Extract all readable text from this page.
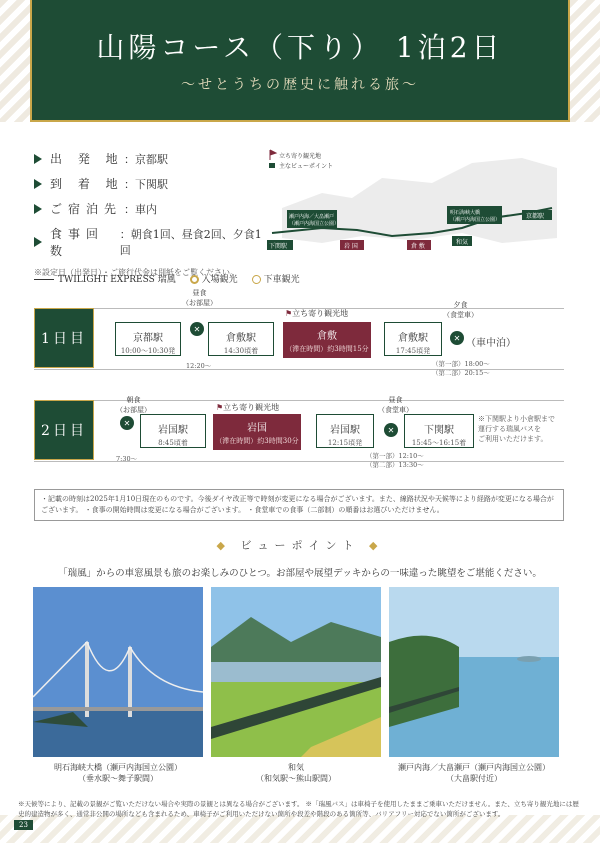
山陽コース（下り） 1泊2日
〜せとうちの歴史に触れる旅〜
出 発 地 ：京都駅
到 着 地 ：下関駅
ご宿泊先 ：車内
食事回数
：朝食1回、昼食2回、夕食1回
※設定日（出発日）・ご旅行代金は別紙をご覧ください。
立ち寄り観光地
主なビューポイント
下関駅
瀬戸内海／大畠瀬戸
（瀬戸内海国立公園）
岩 国	倉 敷
和気
明石海峡大橋
（瀬戸内海国立公園）	京都駅
TWILIGHT EXPRESS 瑞風	入場観光	下車観光
1日目
昼食
（お部屋）
✕
12:20〜
京都駅
10:00〜10:30発
倉敷駅
14:30頃着
⚑立ち寄り観光地
倉敷
（滞在時間）約3時間15分
倉敷駅
17:45頃発
夕食
（食堂車）
✕
（第一部）18:00〜
（第二部）20:15〜
（車中泊）
2日目
朝食
（お部屋）
✕
7:30〜
岩国駅
8:45頃着
⚑立ち寄り観光地
岩国
（滞在時間）約3時間30分
岩国駅
12:15頃発
昼食
（食堂車）
✕
（第一部）12:10〜
（第二部）13:30〜
下関駅
15:45〜16:15着
※下関駅より小倉駅まで
運行する瑞風バスを
ご利用いただけます。
・記載の時刻は2025年1月10日現在のものです。今後ダイヤ改正等で時刻が変更になる場合がございます。また、線路状況や天候等により経路が変更になる場合がございます。 ・食事の開始時間は変更になる場合がございます。 ・食堂車での食事（二部制）の順番はお選びいただけません。
◆ ビューポイント ◆
「瑞風」からの車窓風景も旅のお楽しみのひとつ。お部屋や展望デッキからの一味違った眺望をご堪能ください。
明石海峡大橋（瀬戸内海国立公園）
（垂水駅〜舞子駅間）
和気
（和気駅〜熊山駅間）
瀬戸内海／大畠瀬戸（瀬戸内海国立公園）
（大畠駅付近）
※天候等により、記載の景観がご覧いただけない場合や実際の景観とは異なる場合がございます。 ※「瑞風バス」は車椅子を使用したままご乗車いただけません。また、立ち寄り観光地には歴史的建造物が多く、通常非公開の場所なども含まれるため、車椅子がご利用いただけない箇所や段差や階段のある箇所等、バリアフリー対応でない箇所がございます。
23
